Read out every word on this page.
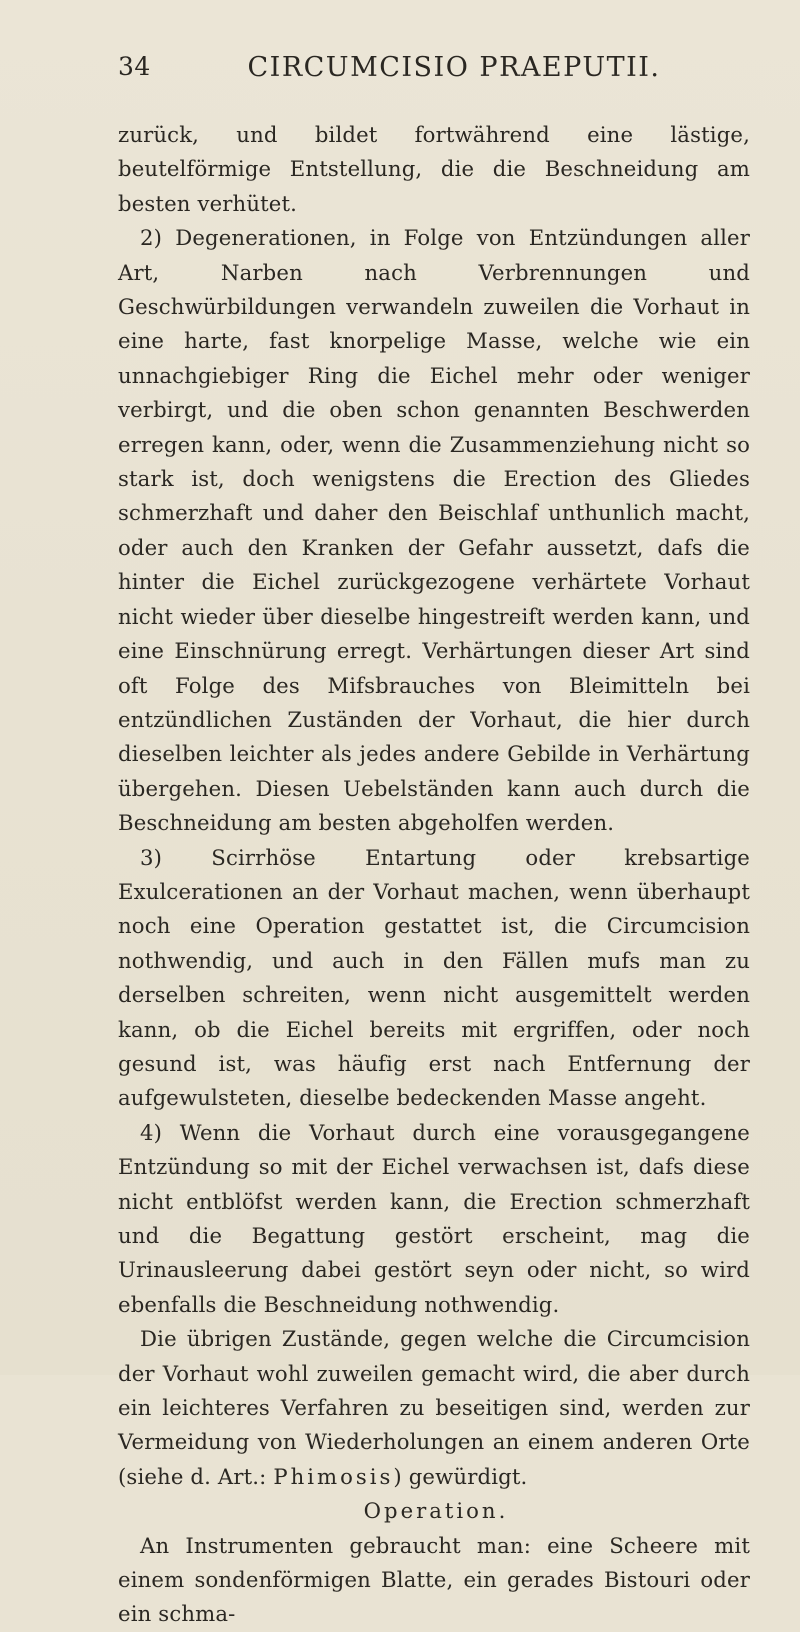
34	CIRCUMCISIO PRAEPUTII.

zurück, und bildet fortwährend eine lästige, beutelförmige Entstellung, die die Beschneidung am besten verhütet.

2) Degenerationen, in Folge von Entzündungen aller Art, Narben nach Verbrennungen und Geschwürbildungen verwandeln zuweilen die Vorhaut in eine harte, fast knorpelige Masse, welche wie ein unnachgiebiger Ring die Eichel mehr oder weniger verbirgt, und die oben schon genannten Beschwerden erregen kann, oder, wenn die Zusammenziehung nicht so stark ist, doch wenigstens die Erection des Gliedes schmerzhaft und daher den Beischlaf unthunlich macht, oder auch den Kranken der Gefahr aussetzt, dafs die hinter die Eichel zurückgezogene verhärtete Vorhaut nicht wieder über dieselbe hingestreift werden kann, und eine Einschnürung erregt. Verhärtungen dieser Art sind oft Folge des Mifsbrauches von Bleimitteln bei entzündlichen Zuständen der Vorhaut, die hier durch dieselben leichter als jedes andere Gebilde in Verhärtung übergehen. Diesen Uebelständen kann auch durch die Beschneidung am besten abgeholfen werden.

3) Scirrhöse Entartung oder krebsartige Exulcerationen an der Vorhaut machen, wenn überhaupt noch eine Operation gestattet ist, die Circumcision nothwendig, und auch in den Fällen mufs man zu derselben schreiten, wenn nicht ausgemittelt werden kann, ob die Eichel bereits mit ergriffen, oder noch gesund ist, was häufig erst nach Entfernung der aufgewulsteten, dieselbe bedeckenden Masse angeht.

4) Wenn die Vorhaut durch eine vorausgegangene Entzündung so mit der Eichel verwachsen ist, dafs diese nicht entblöfst werden kann, die Erection schmerzhaft und die Begattung gestört erscheint, mag die Urinausleerung dabei gestört seyn oder nicht, so wird ebenfalls die Beschneidung nothwendig.

Die übrigen Zustände, gegen welche die Circumcision der Vorhaut wohl zuweilen gemacht wird, die aber durch ein leichteres Verfahren zu beseitigen sind, werden zur Vermeidung von Wiederholungen an einem anderen Orte (siehe d. Art.: Phimosis) gewürdigt.

Operation.

An Instrumenten gebraucht man: eine Scheere mit einem sondenförmigen Blatte, ein gerades Bistouri oder ein schma-
